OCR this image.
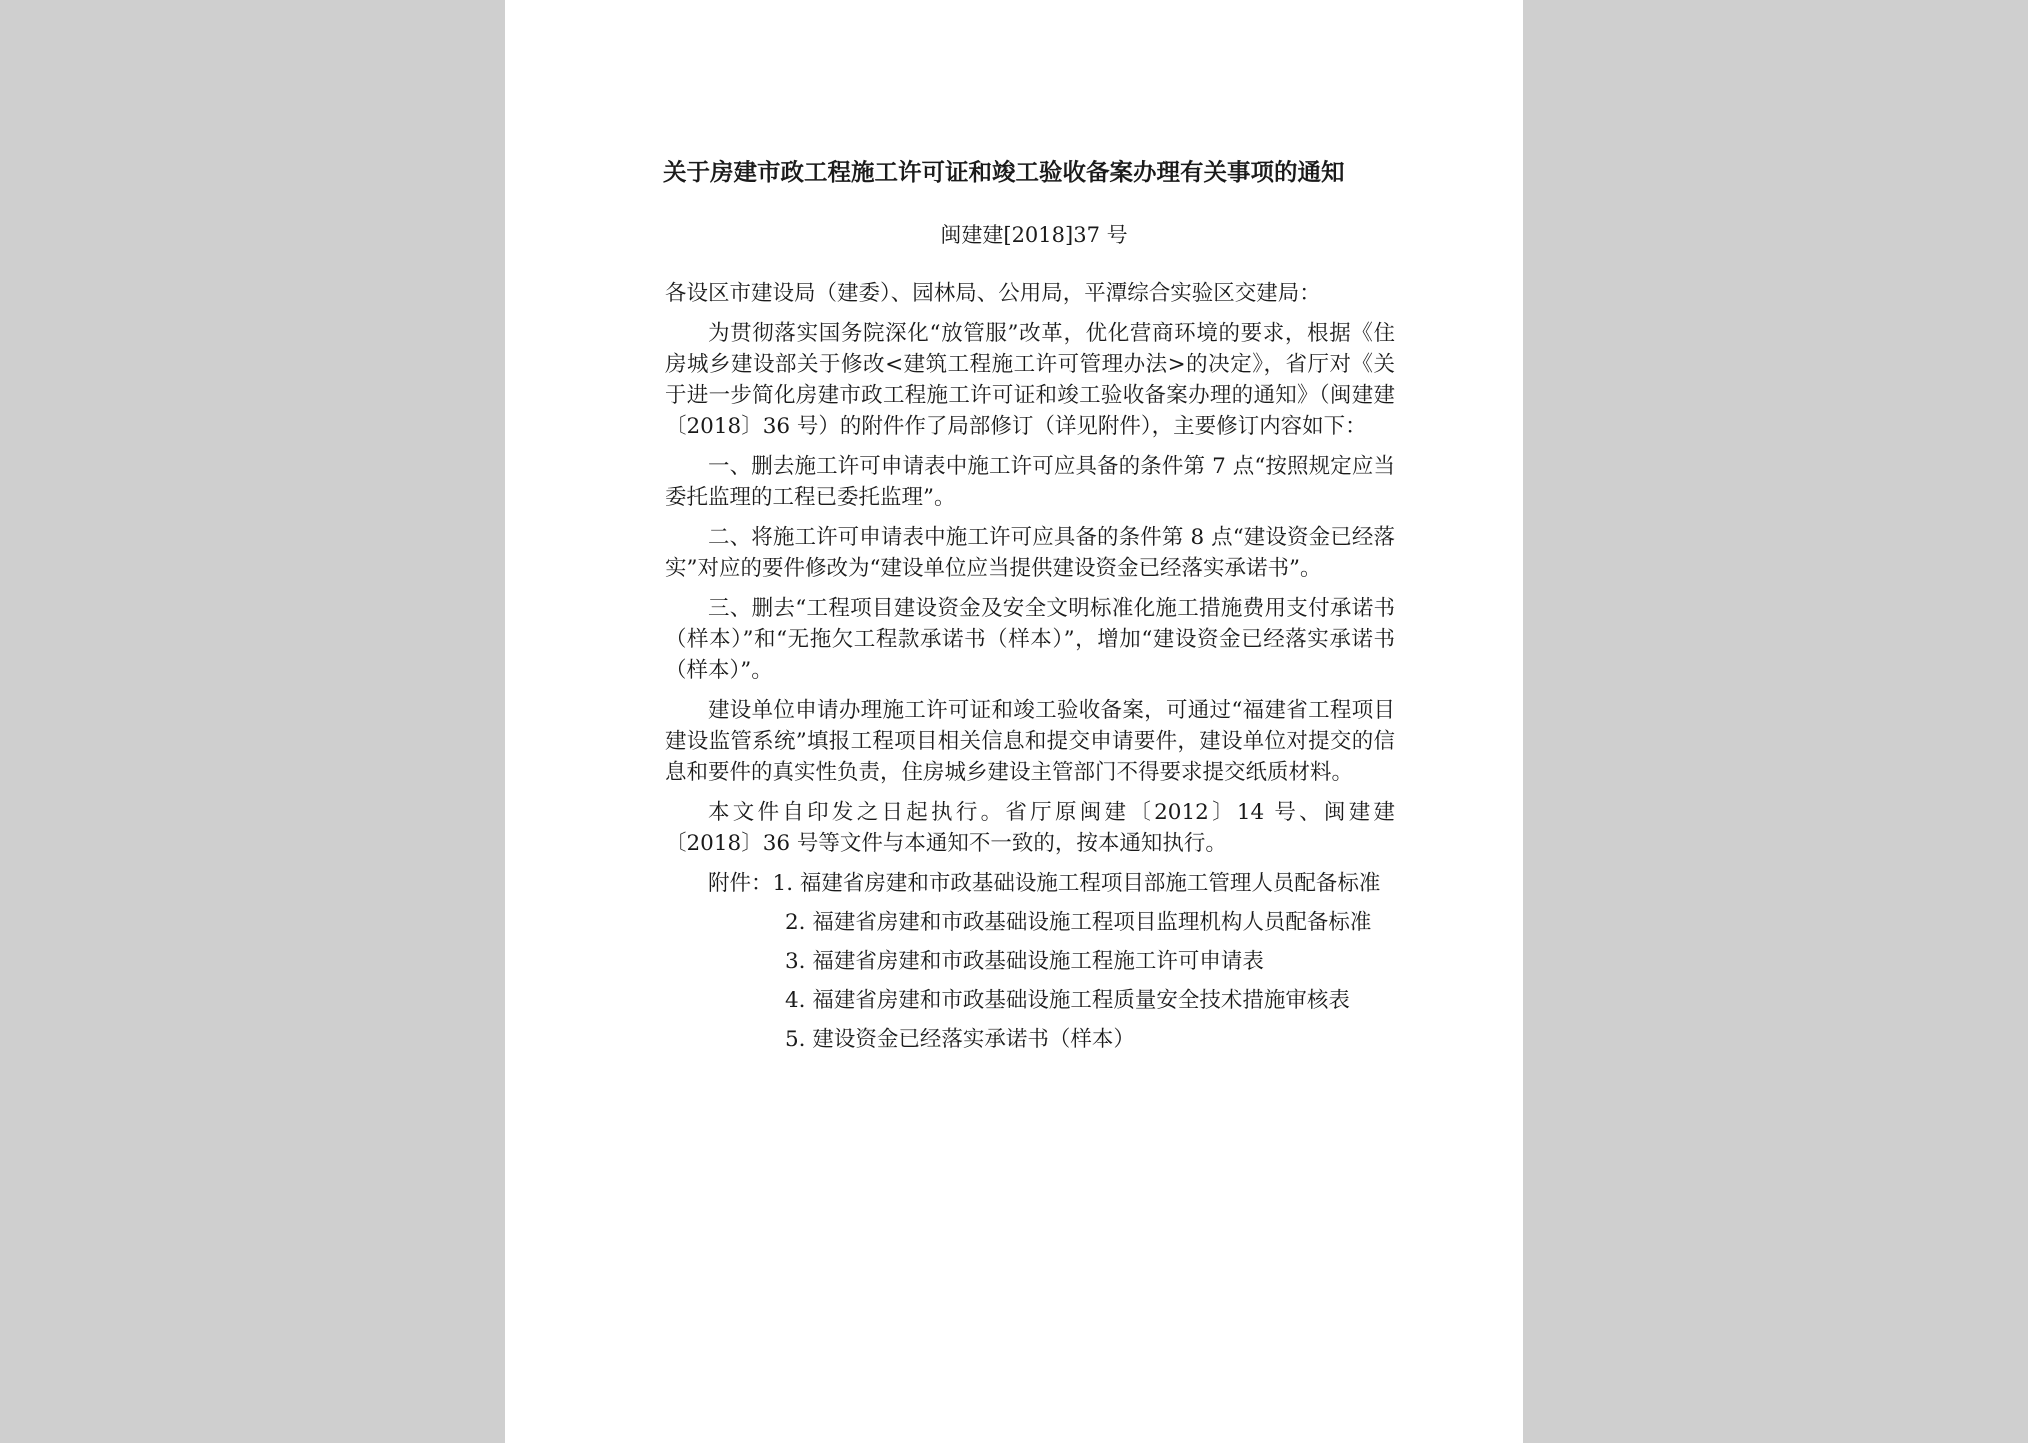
关于房建市政工程施工许可证和竣工验收备案办理有关事项的通知
闽建建[2018]37 号
各设区市建设局（建委）、园林局、公用局，平潭综合实验区交建局：
为贯彻落实国务院深化“放管服”改革，优化营商环境的要求，根据《住房城乡建设部关于修改<建筑工程施工许可管理办法>的决定》，省厅对《关于进一步简化房建市政工程施工许可证和竣工验收备案办理的通知》（闽建建〔2018〕36 号）的附件作了局部修订（详见附件），主要修订内容如下：
一、删去施工许可申请表中施工许可应具备的条件第 7 点“按照规定应当委托监理的工程已委托监理”。
二、将施工许可申请表中施工许可应具备的条件第 8 点“建设资金已经落实”对应的要件修改为“建设单位应当提供建设资金已经落实承诺书”。
三、删去“工程项目建设资金及安全文明标准化施工措施费用支付承诺书（样本）”和“无拖欠工程款承诺书（样本）”，增加“建设资金已经落实承诺书（样本）”。
建设单位申请办理施工许可证和竣工验收备案，可通过“福建省工程项目建设监管系统”填报工程项目相关信息和提交申请要件，建设单位对提交的信息和要件的真实性负责，住房城乡建设主管部门不得要求提交纸质材料。
本文件自印发之日起执行。省厅原闽建〔2012〕14 号、闽建建〔2018〕36 号等文件与本通知不一致的，按本通知执行。
附件：1. 福建省房建和市政基础设施工程项目部施工管理人员配备标准
2. 福建省房建和市政基础设施工程项目监理机构人员配备标准
3. 福建省房建和市政基础设施工程施工许可申请表
4. 福建省房建和市政基础设施工程质量安全技术措施审核表
5. 建设资金已经落实承诺书（样本）
